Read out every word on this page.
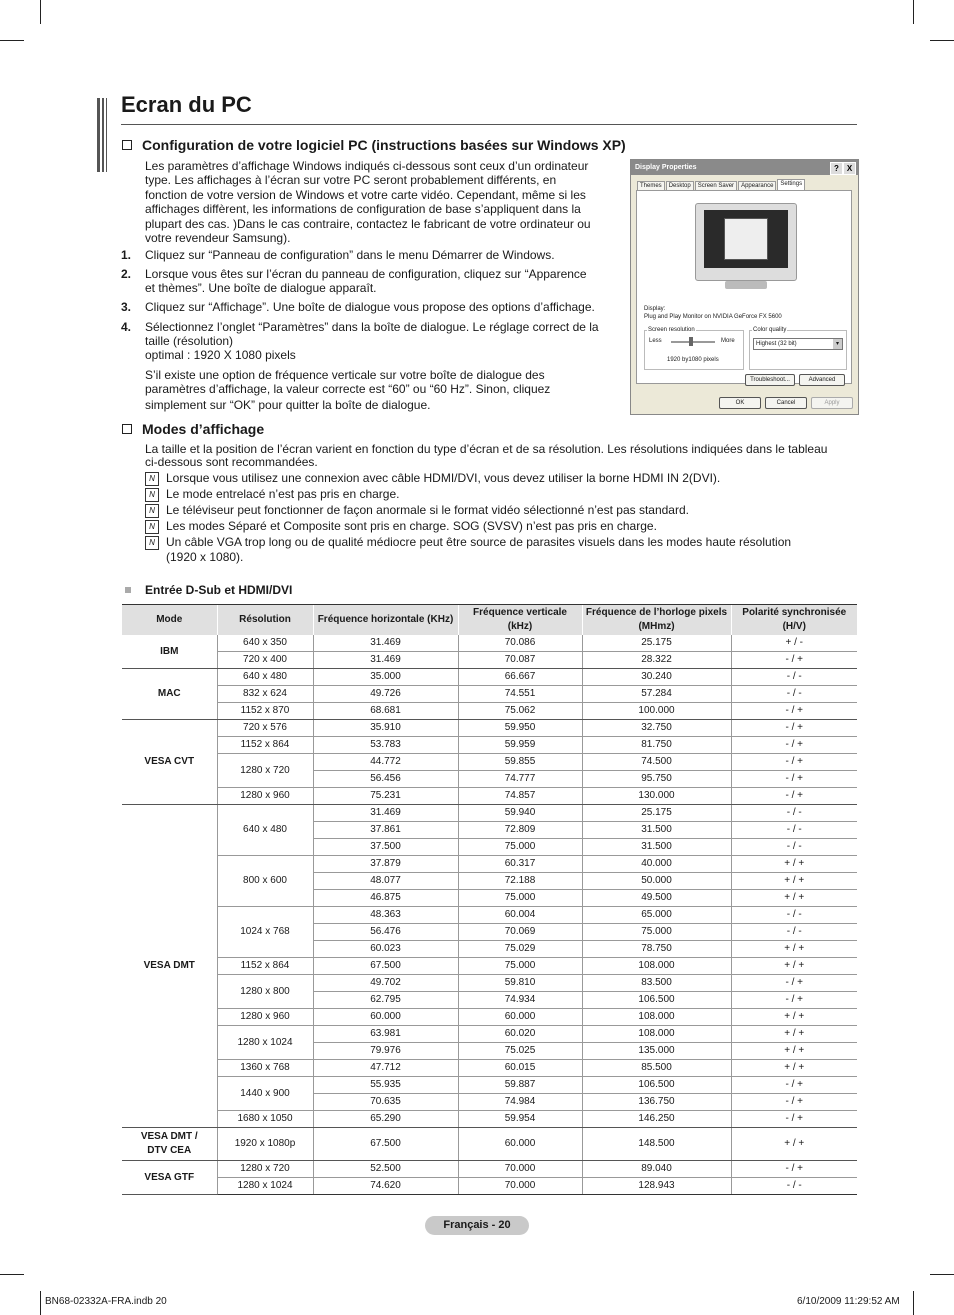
Ecran du PC
Configuration de votre logiciel PC (instructions basées sur Windows XP)
Les paramètres d’affichage Windows indiqués ci-dessous sont ceux d’un ordinateur
type. Les affichages à l’écran sur votre PC seront probablement différents, en
fonction de votre version de Windows et votre carte vidéo. Cependant, même si les
affichages diffèrent, les informations de configuration de base s’appliquent dans la
plupart des cas. )Dans le cas contraire, contactez le fabricant de votre ordinateur ou
votre revendeur Samsung).
1. Cliquez sur “Panneau de configuration” dans le menu Démarrer de Windows.
2. Lorsque vous êtes sur l’écran du panneau de configuration, cliquez sur “Apparence
et thèmes”. Une boîte de dialogue apparaît.
3. Cliquez sur “Affichage”. Une boîte de dialogue vous propose des options d’affichage.
4. Sélectionnez l’onglet “Paramètres” dans la boîte de dialogue. Le réglage correct de la
taille (résolution)
optimal : 1920 X 1080 pixels
S’il existe une option de fréquence verticale sur votre boîte de dialogue des
paramètres d’affichage, la valeur correcte est “60” ou “60 Hz”. Sinon, cliquez
simplement sur “OK” pour quitter la boîte de dialogue.
Display Properties	? X
Themes	Desktop	Screen Saver	Appearance	Settings
Display:
Plug and Play Monitor on NVIDIA GeForce FX 5600
Screen resolution
Less	More
1920 by1080 pixels
Color quality
Highest (32 bit)	▾
Troubleshoot...	Advanced
OK	Cancel	Apply
Modes d’affichage
La taille et la position de l’écran varient en fonction du type d’écran et de sa résolution. Les résolutions indiquées dans le tableau
ci-dessous sont recommandées.
N Lorsque vous utilisez une connexion avec câble HDMI/DVI, vous devez utiliser la borne HDMI IN 2(DVI).
N Le mode entrelacé n’est pas pris en charge.
N Le téléviseur peut fonctionner de façon anormale si le format vidéo sélectionné n’est pas standard.
N Les modes Séparé et Composite sont pris en charge. SOG (SVSV) n’est pas pris en charge.
N Un câble VGA trop long ou de qualité médiocre peut être source de parasites visuels dans les modes haute résolution
(1920 x 1080).
Entrée D-Sub et HDMI/DVI
Mode	Résolution	Fréquence horizontale (KHz)	Fréquence verticale (kHz)	Fréquence de l’horloge pixels (MHmz)	Polarité synchronisée (H/V)
IBM	640 x 350	31.469	70.086	25.175	+ / -
	720 x 400	31.469	70.087	28.322	- / +
MAC	640 x 480	35.000	66.667	30.240	- / -
	832 x 624	49.726	74.551	57.284	- / -
	1152 x 870	68.681	75.062	100.000	- / +
VESA CVT	720 x 576	35.910	59.950	32.750	- / +
	1152 x 864	53.783	59.959	81.750	- / +
	1280 x 720	44.772	59.855	74.500	- / +
		56.456	74.777	95.750	- / +
	1280 x 960	75.231	74.857	130.000	- / +
VESA DMT	640 x 480	31.469	59.940	25.175	- / -
		37.861	72.809	31.500	- / -
		37.500	75.000	31.500	- / -
	800 x 600	37.879	60.317	40.000	+ / +
		48.077	72.188	50.000	+ / +
		46.875	75.000	49.500	+ / +
	1024 x 768	48.363	60.004	65.000	- / -
		56.476	70.069	75.000	- / -
		60.023	75.029	78.750	+ / +
	1152 x 864	67.500	75.000	108.000	+ / +
	1280 x 800	49.702	59.810	83.500	- / +
		62.795	74.934	106.500	- / +
	1280 x 960	60.000	60.000	108.000	+ / +
	1280 x 1024	63.981	60.020	108.000	+ / +
		79.976	75.025	135.000	+ / +
	1360 x 768	47.712	60.015	85.500	+ / +
	1440 x 900	55.935	59.887	106.500	- / +
		70.635	74.984	136.750	- / +
	1680 x 1050	65.290	59.954	146.250	- / +
VESA DMT / DTV CEA	1920 x 1080p	67.500	60.000	148.500	+ / +
VESA GTF	1280 x 720	52.500	70.000	89.040	- / +
	1280 x 1024	74.620	70.000	128.943	- / -
Français - 20
BN68-02332A-FRA.indb 20	6/10/2009 11:29:52 AM
